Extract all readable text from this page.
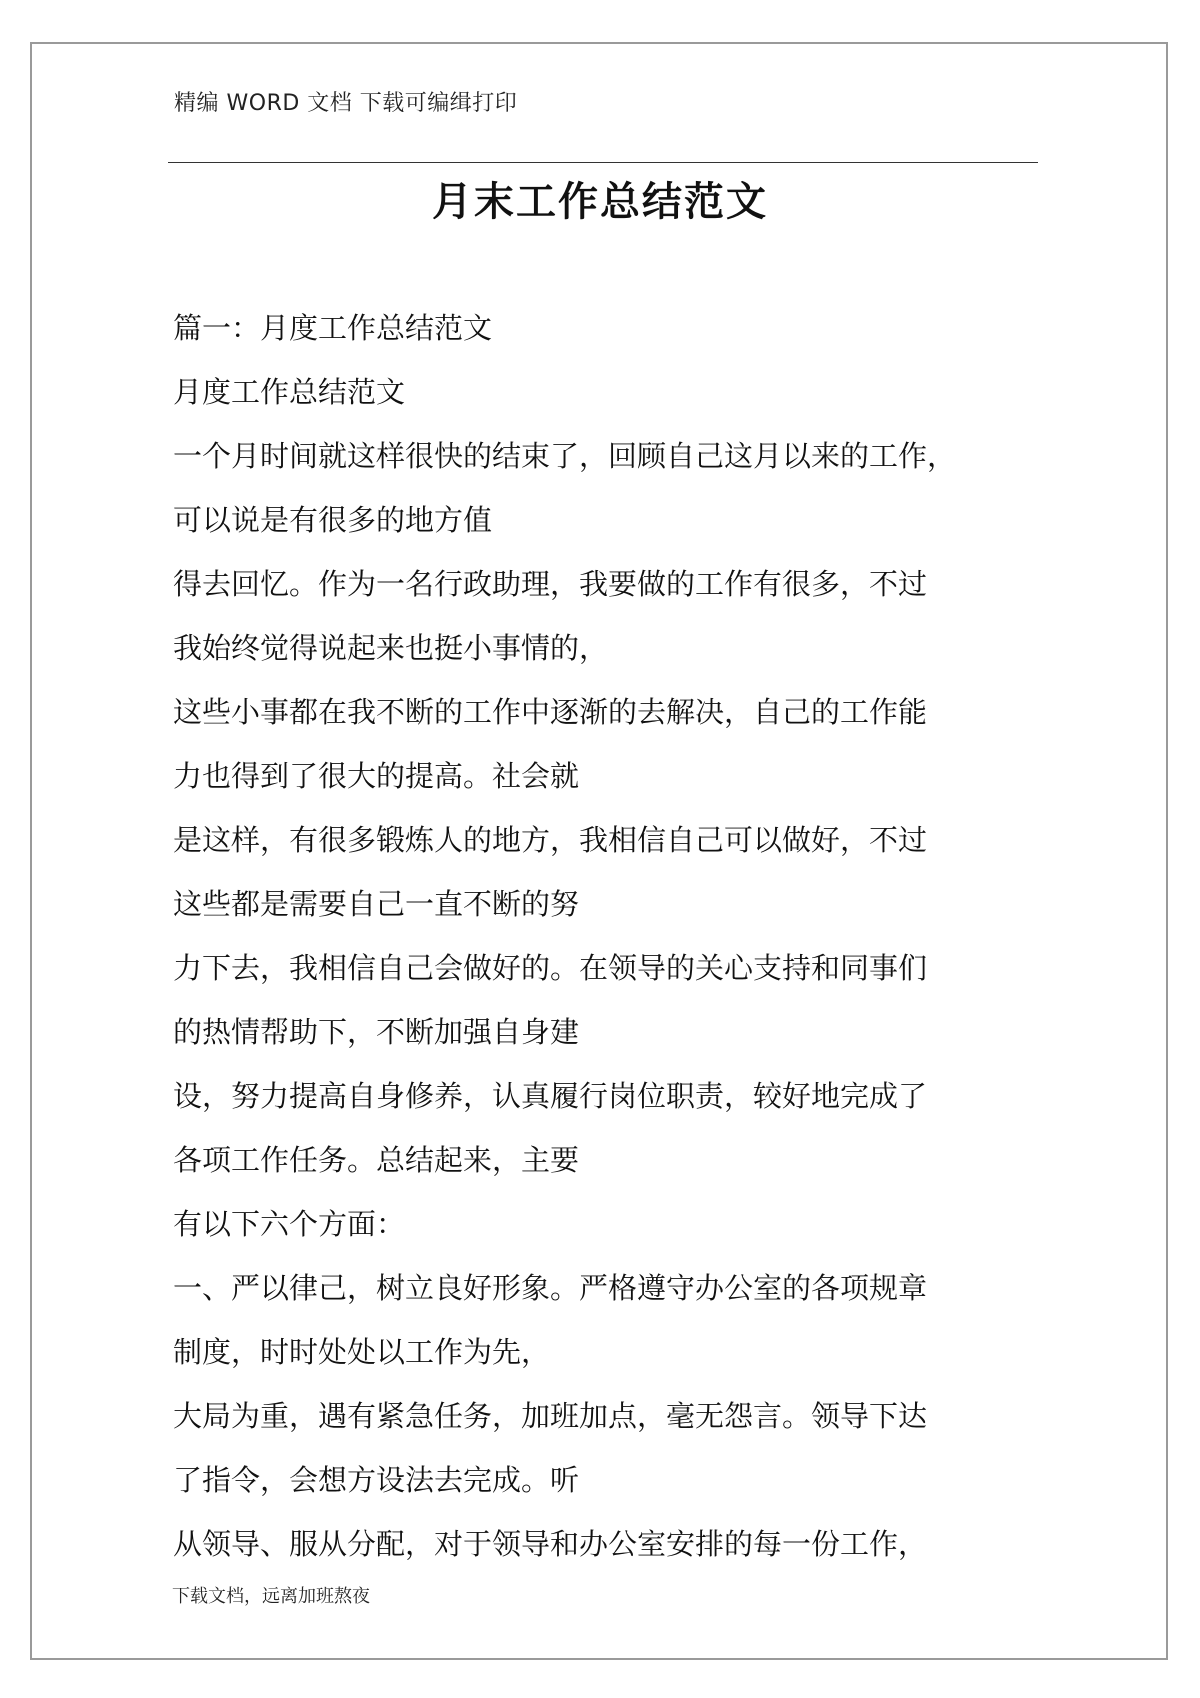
精编 WORD 文档 下载可编缉打印
月末工作总结范文
篇一：月度工作总结范文
月度工作总结范文
一个月时间就这样很快的结束了，回顾自己这月以来的工作，
可以说是有很多的地方值
得去回忆。作为一名行政助理，我要做的工作有很多，不过
我始终觉得说起来也挺小事情的，
这些小事都在我不断的工作中逐渐的去解决，自己的工作能
力也得到了很大的提高。社会就
是这样，有很多锻炼人的地方，我相信自己可以做好，不过
这些都是需要自己一直不断的努
力下去，我相信自己会做好的。在领导的关心支持和同事们
的热情帮助下，不断加强自身建
设，努力提高自身修养，认真履行岗位职责，较好地完成了
各项工作任务。总结起来，主要
有以下六个方面：
一、严以律己，树立良好形象。严格遵守办公室的各项规章
制度，时时处处以工作为先，
大局为重，遇有紧急任务，加班加点，毫无怨言。领导下达
了指令，会想方设法去完成。听
从领导、服从分配，对于领导和办公室安排的每一份工作，
下载文档，远离加班熬夜
